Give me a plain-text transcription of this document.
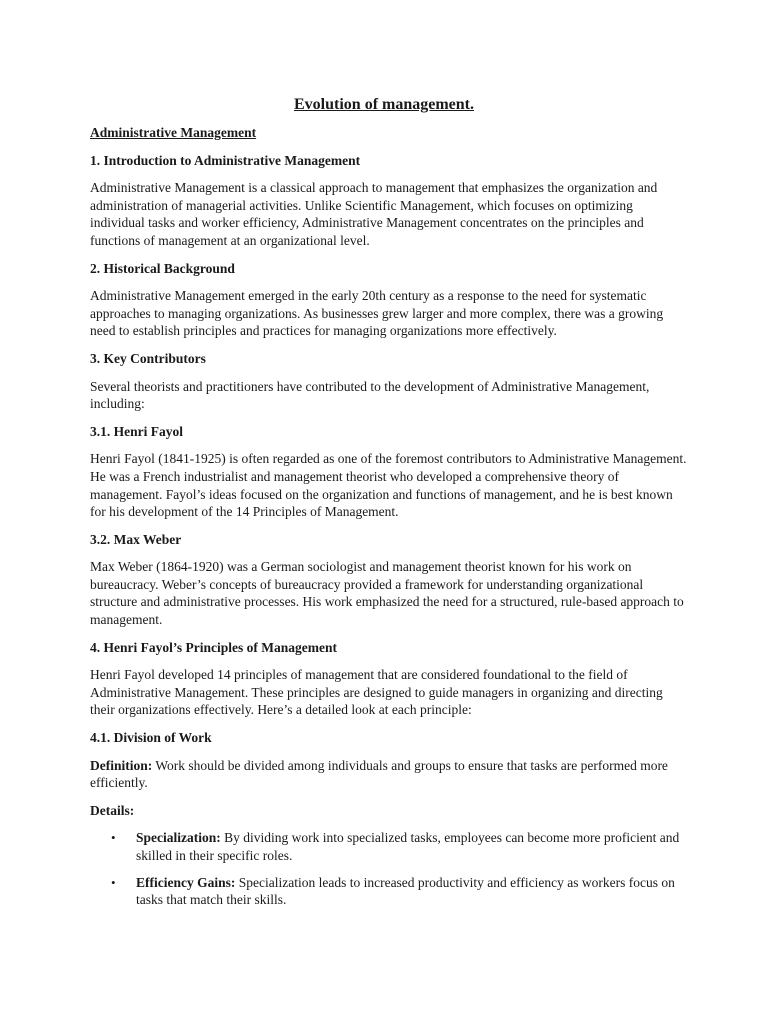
Evolution of management.

Administrative Management

1. Introduction to Administrative Management

Administrative Management is a classical approach to management that emphasizes the organization and administration of managerial activities. Unlike Scientific Management, which focuses on optimizing individual tasks and worker efficiency, Administrative Management concentrates on the principles and functions of management at an organizational level.

2. Historical Background

Administrative Management emerged in the early 20th century as a response to the need for systematic approaches to managing organizations. As businesses grew larger and more complex, there was a growing need to establish principles and practices for managing organizations more effectively.

3. Key Contributors

Several theorists and practitioners have contributed to the development of Administrative Management, including:

3.1. Henri Fayol

Henri Fayol (1841-1925) is often regarded as one of the foremost contributors to Administrative Management. He was a French industrialist and management theorist who developed a comprehensive theory of management. Fayol’s ideas focused on the organization and functions of management, and he is best known for his development of the 14 Principles of Management.

3.2. Max Weber

Max Weber (1864-1920) was a German sociologist and management theorist known for his work on bureaucracy. Weber’s concepts of bureaucracy provided a framework for understanding organizational structure and administrative processes. His work emphasized the need for a structured, rule-based approach to management.

4. Henri Fayol’s Principles of Management

Henri Fayol developed 14 principles of management that are considered foundational to the field of Administrative Management. These principles are designed to guide managers in organizing and directing their organizations effectively. Here’s a detailed look at each principle:

4.1. Division of Work

Definition: Work should be divided among individuals and groups to ensure that tasks are performed more efficiently.

Details:

• Specialization: By dividing work into specialized tasks, employees can become more proficient and skilled in their specific roles.
• Efficiency Gains: Specialization leads to increased productivity and efficiency as workers focus on tasks that match their skills.
